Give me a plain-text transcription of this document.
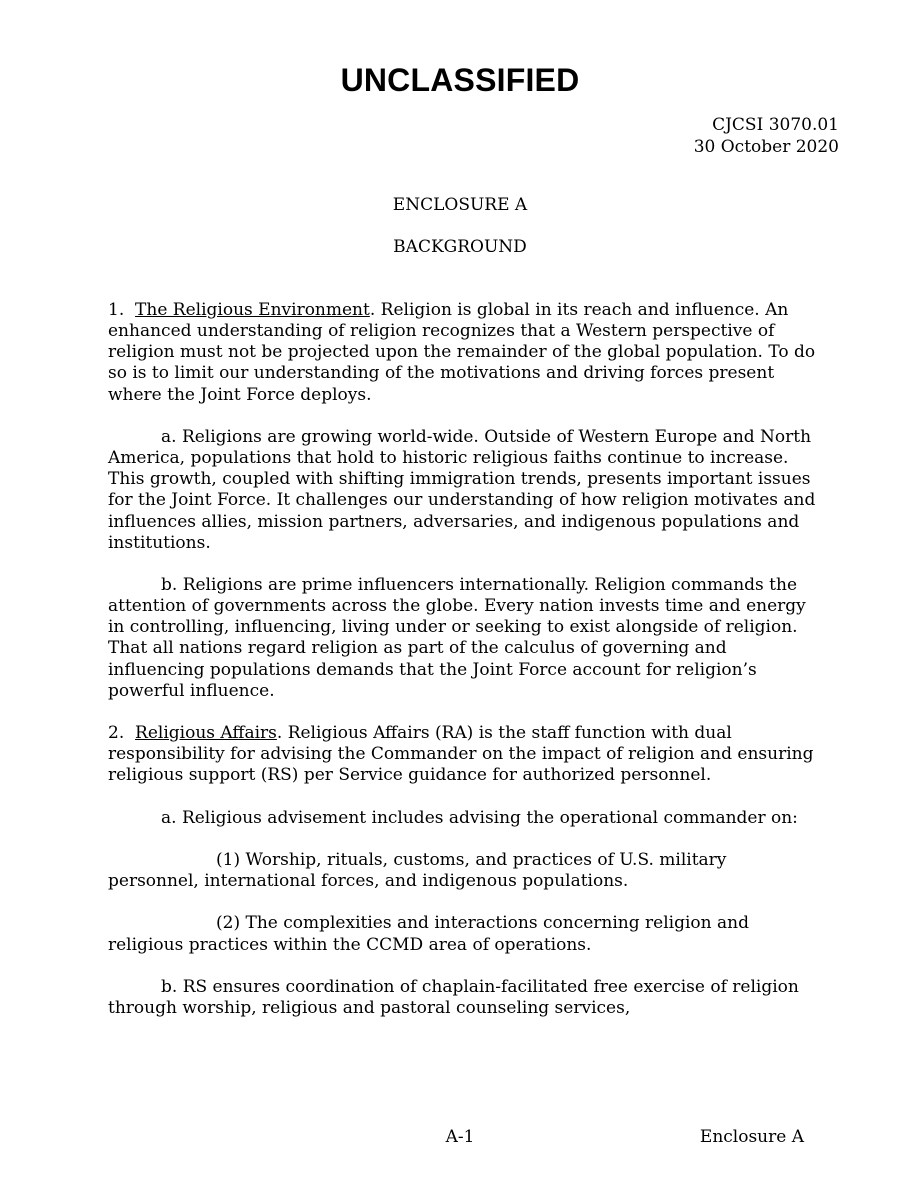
UNCLASSIFIED
CJCSI 3070.01
30 October 2020
ENCLOSURE A
BACKGROUND

1. The Religious Environment. Religion is global in its reach and influence. An enhanced understanding of religion recognizes that a Western perspective of religion must not be projected upon the remainder of the global population. To do so is to limit our understanding of the motivations and driving forces present where the Joint Force deploys.

a. Religions are growing world-wide. Outside of Western Europe and North America, populations that hold to historic religious faiths continue to increase. This growth, coupled with shifting immigration trends, presents important issues for the Joint Force. It challenges our understanding of how religion motivates and influences allies, mission partners, adversaries, and indigenous populations and institutions.

b. Religions are prime influencers internationally. Religion commands the attention of governments across the globe. Every nation invests time and energy in controlling, influencing, living under or seeking to exist alongside of religion. That all nations regard religion as part of the calculus of governing and influencing populations demands that the Joint Force account for religion’s powerful influence.

2. Religious Affairs. Religious Affairs (RA) is the staff function with dual responsibility for advising the Commander on the impact of religion and ensuring religious support (RS) per Service guidance for authorized personnel.

a. Religious advisement includes advising the operational commander on:

(1) Worship, rituals, customs, and practices of U.S. military personnel, international forces, and indigenous populations.

(2) The complexities and interactions concerning religion and religious practices within the CCMD area of operations.

b. RS ensures coordination of chaplain-facilitated free exercise of religion through worship, religious and pastoral counseling services,

A-1	Enclosure A
